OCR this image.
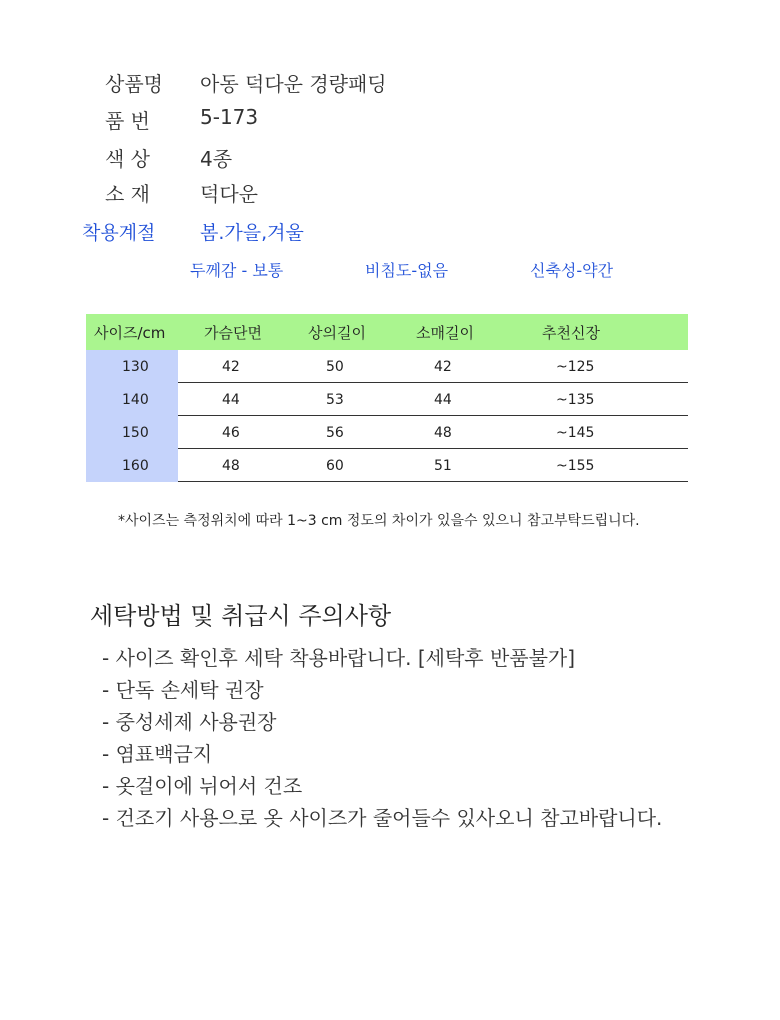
상품명 아동 덕다운 경량패딩
품 번	5-173
색 상	4종
소 재	덕다운
착용계절 봄.가을,겨울
두께감 - 보통	비침도-없음	신축성-약간
사이즈/cm	가슴단면	상의길이	소매길이	추천신장
130	42	50	42	~125
140	44	53	44	~135
150	46	56	48	~145
160	48	60	51	~155
*사이즈는 측정위치에 따라 1~3 cm 정도의 차이가 있을수 있으니 참고부탁드립니다.
세탁방법 및 취급시 주의사항
- 사이즈 확인후 세탁 착용바랍니다. [세탁후 반품불가]
- 단독 손세탁 권장
- 중성세제 사용권장
- 염표백금지
- 옷걸이에 뉘어서 건조
- 건조기 사용으로 옷 사이즈가 줄어들수 있사오니 참고바랍니다.
